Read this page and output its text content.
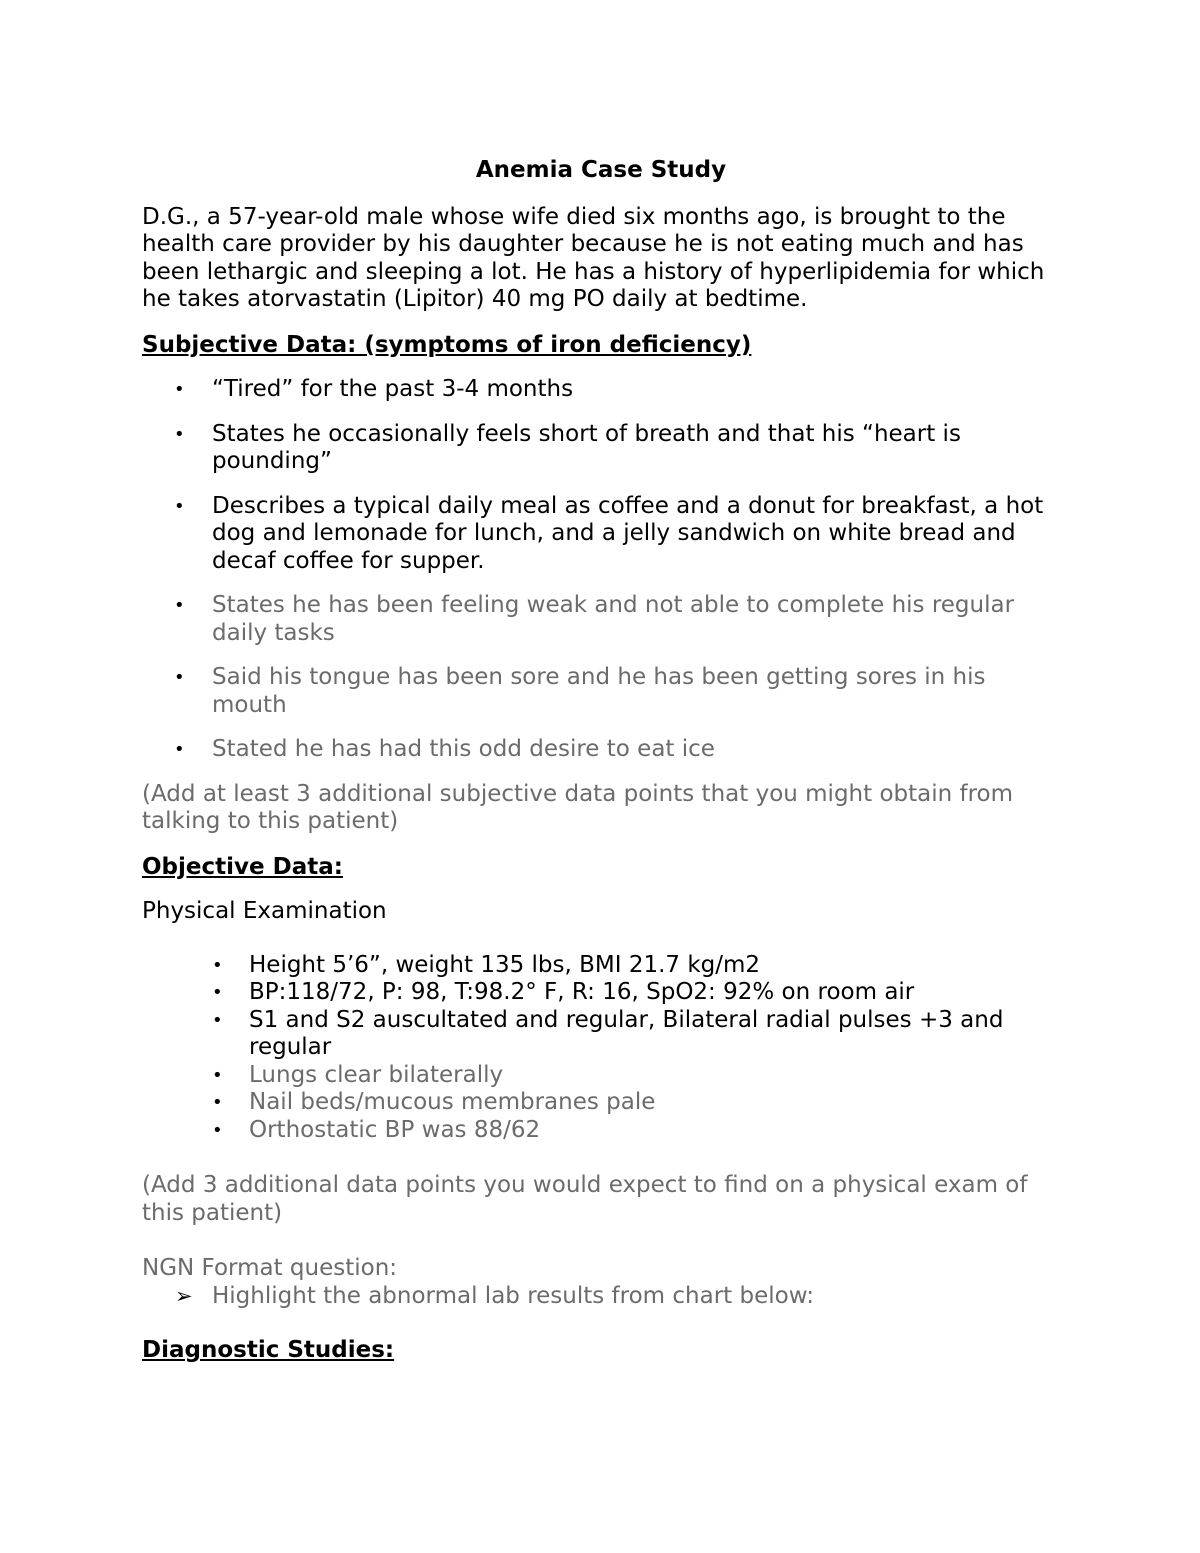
Anemia Case Study
D.G., a 57-year-old male whose wife died six months ago, is brought to the health care provider by his daughter because he is not eating much and has been lethargic and sleeping a lot. He has a history of hyperlipidemia for which he takes atorvastatin (Lipitor) 40 mg PO daily at bedtime.
Subjective Data: (symptoms of iron deficiency)
• “Tired” for the past 3-4 months
• States he occasionally feels short of breath and that his “heart is pounding”
• Describes a typical daily meal as coffee and a donut for breakfast, a hot dog and lemonade for lunch, and a jelly sandwich on white bread and decaf coffee for supper.
• States he has been feeling weak and not able to complete his regular daily tasks
• Said his tongue has been sore and he has been getting sores in his mouth
• Stated he has had this odd desire to eat ice
(Add at least 3 additional subjective data points that you might obtain from talking to this patient)
Objective Data:
Physical Examination
• Height 5’6”, weight 135 lbs, BMI 21.7 kg/m2
• BP:118/72, P: 98, T:98.2° F, R: 16, SpO2: 92% on room air
• S1 and S2 auscultated and regular, Bilateral radial pulses +3 and regular
• Lungs clear bilaterally
• Nail beds/mucous membranes pale
• Orthostatic BP was 88/62
(Add 3 additional data points you would expect to find on a physical exam of this patient)
NGN Format question:
➢ Highlight the abnormal lab results from chart below:
Diagnostic Studies:
